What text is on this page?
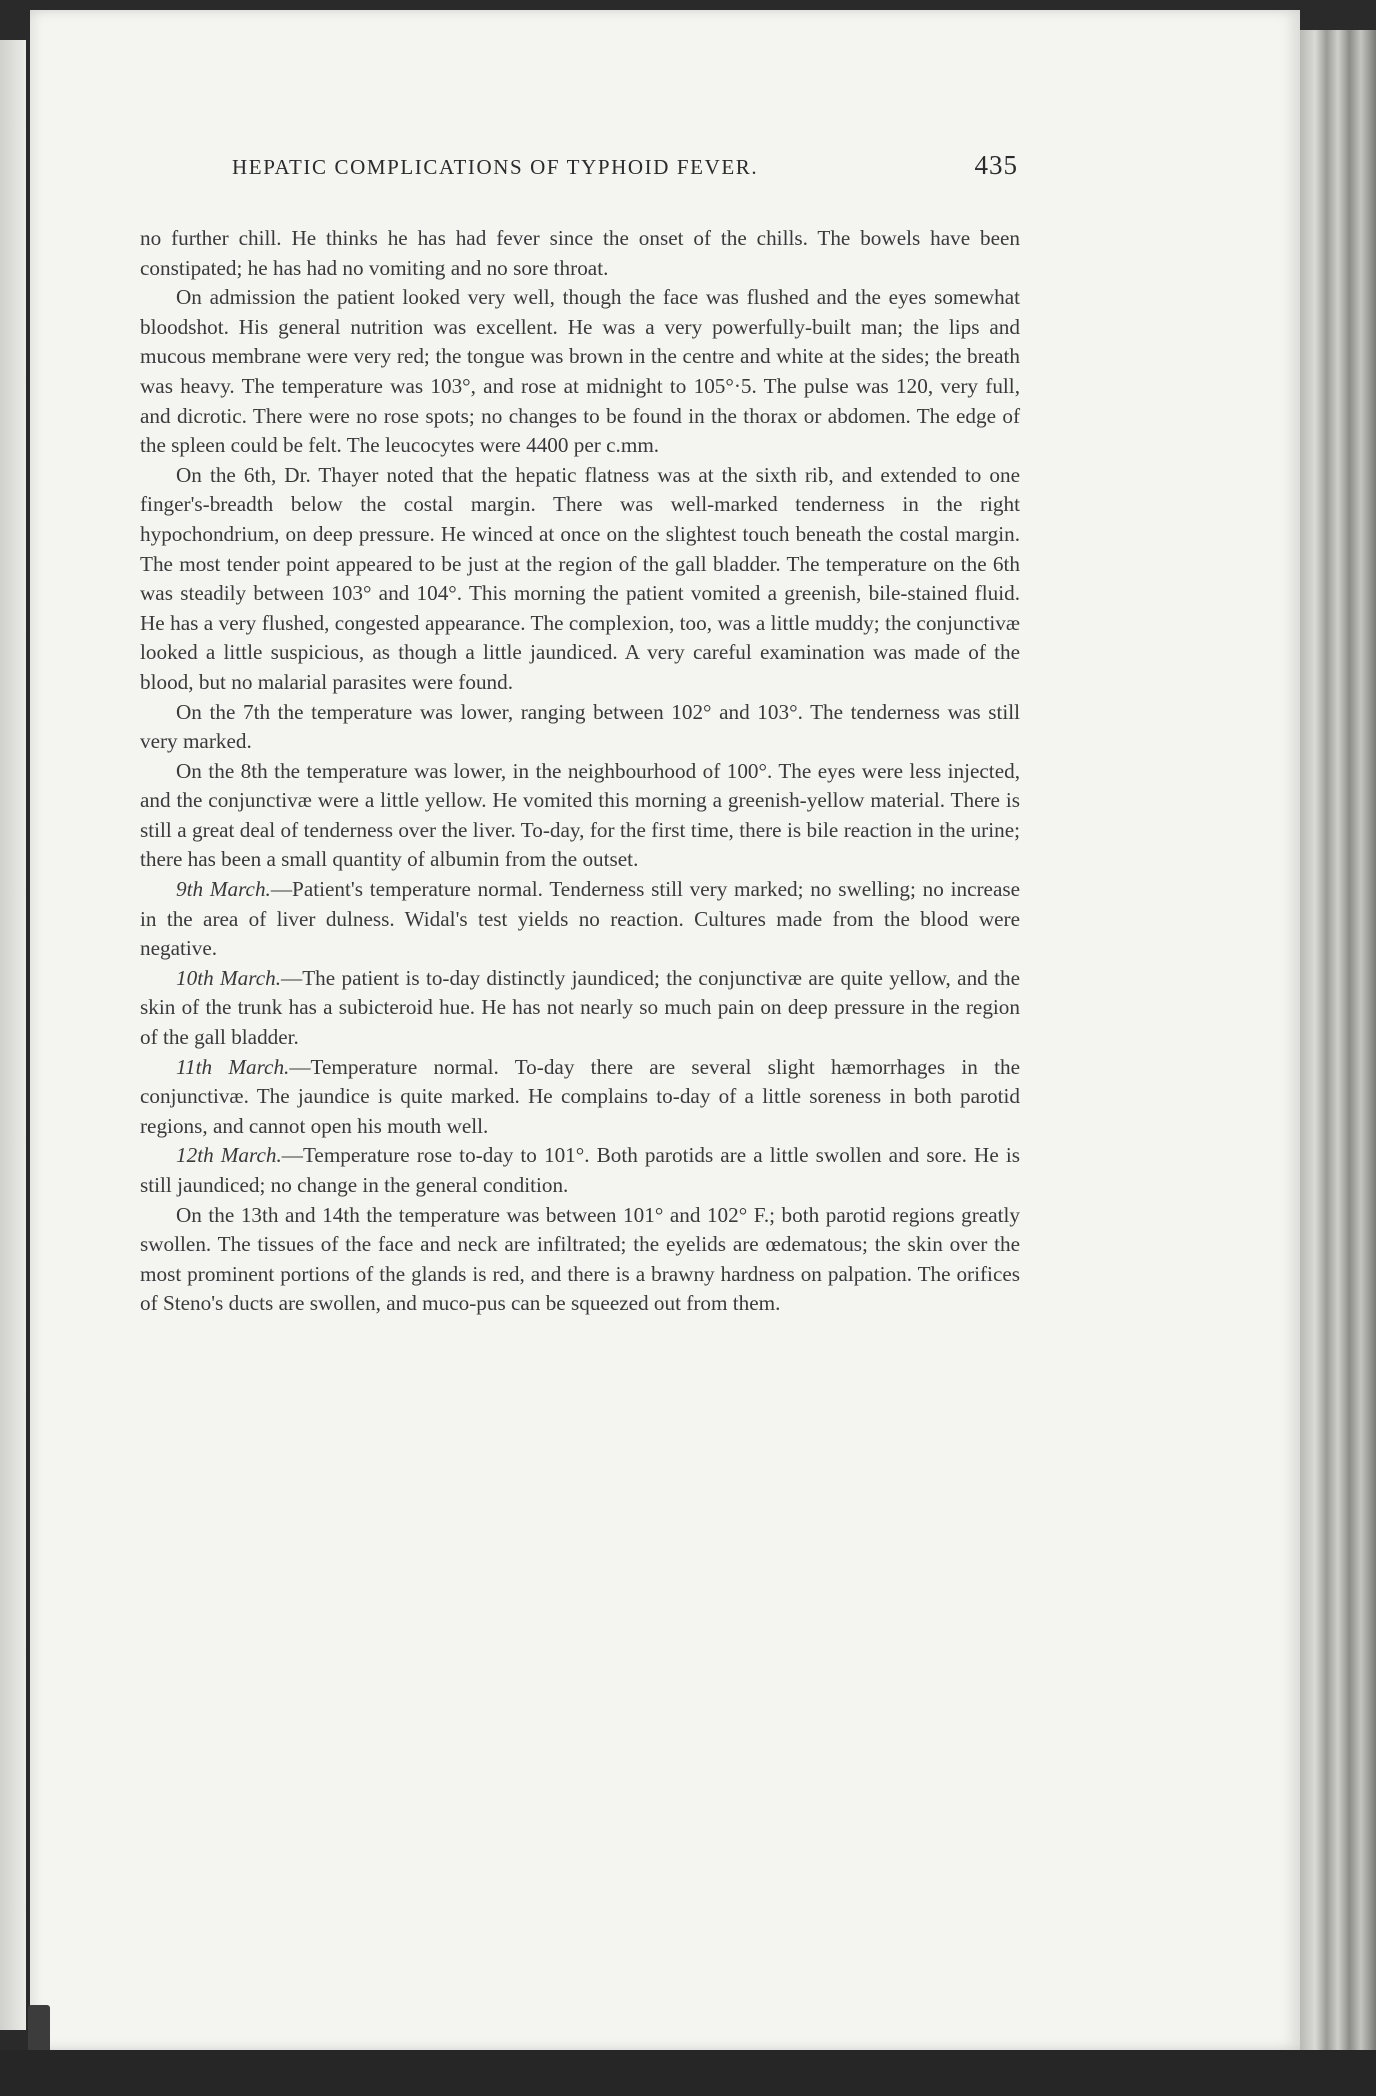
HEPATIC COMPLICATIONS OF TYPHOID FEVER.	435

no further chill. He thinks he has had fever since the onset of the chills. The bowels have been constipated; he has had no vomiting and no sore throat.

On admission the patient looked very well, though the face was flushed and the eyes somewhat bloodshot. His general nutrition was excellent. He was a very powerfully-built man; the lips and mucous membrane were very red; the tongue was brown in the centre and white at the sides; the breath was heavy. The temperature was 103°, and rose at midnight to 105°·5. The pulse was 120, very full, and dicrotic. There were no rose spots; no changes to be found in the thorax or abdomen. The edge of the spleen could be felt. The leucocytes were 4400 per c.mm.

On the 6th, Dr. Thayer noted that the hepatic flatness was at the sixth rib, and extended to one finger's-breadth below the costal margin. There was well-marked tenderness in the right hypochondrium, on deep pressure. He winced at once on the slightest touch beneath the costal margin. The most tender point appeared to be just at the region of the gall bladder. The temperature on the 6th was steadily between 103° and 104°. This morning the patient vomited a greenish, bile-stained fluid. He has a very flushed, congested appearance. The complexion, too, was a little muddy; the conjunctivæ looked a little suspicious, as though a little jaundiced. A very careful examination was made of the blood, but no malarial parasites were found.

On the 7th the temperature was lower, ranging between 102° and 103°. The tenderness was still very marked.

On the 8th the temperature was lower, in the neighbourhood of 100°. The eyes were less injected, and the conjunctivæ were a little yellow. He vomited this morning a greenish-yellow material. There is still a great deal of tenderness over the liver. To-day, for the first time, there is bile reaction in the urine; there has been a small quantity of albumin from the outset.

9th March.—Patient's temperature normal. Tenderness still very marked; no swelling; no increase in the area of liver dulness. Widal's test yields no reaction. Cultures made from the blood were negative.

10th March.—The patient is to-day distinctly jaundiced; the conjunctivæ are quite yellow, and the skin of the trunk has a subicteroid hue. He has not nearly so much pain on deep pressure in the region of the gall bladder.

11th March.—Temperature normal. To-day there are several slight hæmorrhages in the conjunctivæ. The jaundice is quite marked. He complains to-day of a little soreness in both parotid regions, and cannot open his mouth well.

12th March.—Temperature rose to-day to 101°. Both parotids are a little swollen and sore. He is still jaundiced; no change in the general condition.

On the 13th and 14th the temperature was between 101° and 102° F.; both parotid regions greatly swollen. The tissues of the face and neck are infiltrated; the eyelids are œdematous; the skin over the most prominent portions of the glands is red, and there is a brawny hardness on palpation. The orifices of Steno's ducts are swollen, and muco-pus can be squeezed out from them.
